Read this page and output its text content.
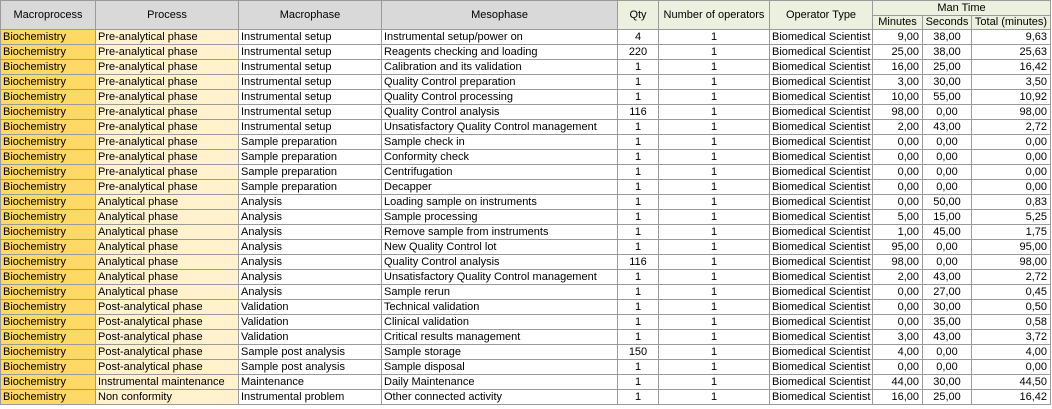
Macroprocess	Process	Macrophase	Mesophase	Qty	Number of operators	Operator Type	Man Time		
							Minutes	Seconds	Total (minutes)
Biochemistry	Pre-analytical phase	Instrumental setup	Instrumental setup/power on	4	1	Biomedical Scientist	9,00	38,00	9,63
Biochemistry	Pre-analytical phase	Instrumental setup	Reagents checking and loading	220	1	Biomedical Scientist	25,00	38,00	25,63
Biochemistry	Pre-analytical phase	Instrumental setup	Calibration and its validation	1	1	Biomedical Scientist	16,00	25,00	16,42
Biochemistry	Pre-analytical phase	Instrumental setup	Quality Control preparation	1	1	Biomedical Scientist	3,00	30,00	3,50
Biochemistry	Pre-analytical phase	Instrumental setup	Quality Control processing	1	1	Biomedical Scientist	10,00	55,00	10,92
Biochemistry	Pre-analytical phase	Instrumental setup	Quality Control analysis	116	1	Biomedical Scientist	98,00	0,00	98,00
Biochemistry	Pre-analytical phase	Instrumental setup	Unsatisfactory Quality Control management	1	1	Biomedical Scientist	2,00	43,00	2,72
Biochemistry	Pre-analytical phase	Sample preparation	Sample check in	1	1	Biomedical Scientist	0,00	0,00	0,00
Biochemistry	Pre-analytical phase	Sample preparation	Conformity check	1	1	Biomedical Scientist	0,00	0,00	0,00
Biochemistry	Pre-analytical phase	Sample preparation	Centrifugation	1	1	Biomedical Scientist	0,00	0,00	0,00
Biochemistry	Pre-analytical phase	Sample preparation	Decapper	1	1	Biomedical Scientist	0,00	0,00	0,00
Biochemistry	Analytical phase	Analysis	Loading sample on instruments	1	1	Biomedical Scientist	0,00	50,00	0,83
Biochemistry	Analytical phase	Analysis	Sample processing	1	1	Biomedical Scientist	5,00	15,00	5,25
Biochemistry	Analytical phase	Analysis	Remove sample from instruments	1	1	Biomedical Scientist	1,00	45,00	1,75
Biochemistry	Analytical phase	Analysis	New Quality Control lot	1	1	Biomedical Scientist	95,00	0,00	95,00
Biochemistry	Analytical phase	Analysis	Quality Control analysis	116	1	Biomedical Scientist	98,00	0,00	98,00
Biochemistry	Analytical phase	Analysis	Unsatisfactory Quality Control management	1	1	Biomedical Scientist	2,00	43,00	2,72
Biochemistry	Analytical phase	Analysis	Sample rerun	1	1	Biomedical Scientist	0,00	27,00	0,45
Biochemistry	Post-analytical phase	Validation	Technical validation	1	1	Biomedical Scientist	0,00	30,00	0,50
Biochemistry	Post-analytical phase	Validation	Clinical validation	1	1	Biomedical Scientist	0,00	35,00	0,58
Biochemistry	Post-analytical phase	Validation	Critical results management	1	1	Biomedical Scientist	3,00	43,00	3,72
Biochemistry	Post-analytical phase	Sample post analysis	Sample storage	150	1	Biomedical Scientist	4,00	0,00	4,00
Biochemistry	Post-analytical phase	Sample post analysis	Sample disposal	1	1	Biomedical Scientist	0,00	0,00	0,00
Biochemistry	Instrumental maintenance	Maintenance	Daily Maintenance	1	1	Biomedical Scientist	44,00	30,00	44,50
Biochemistry	Non conformity	Instrumental problem	Other connected activity	1	1	Biomedical Scientist	16,00	25,00	16,42
